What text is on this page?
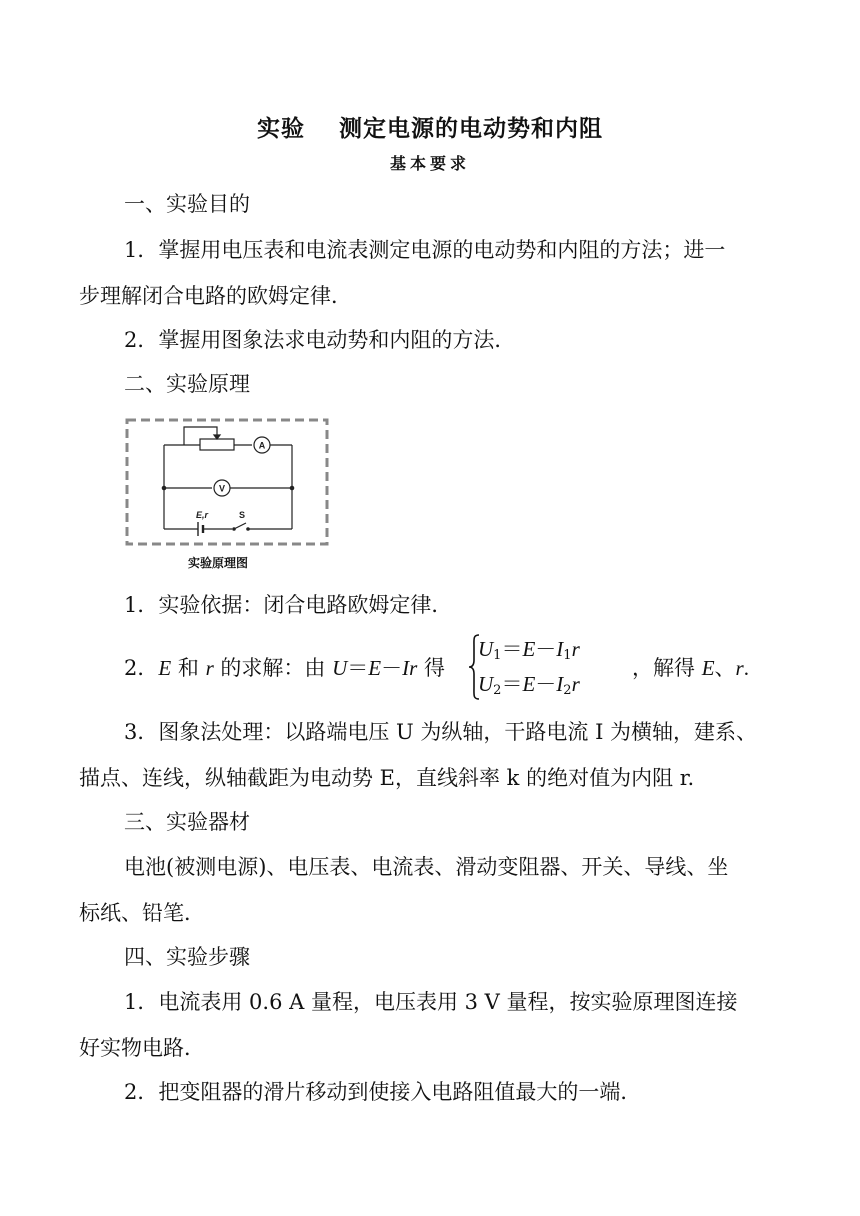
实验 测定电源的电动势和内阻
基本要求
一、实验目的
1．掌握用电压表和电流表测定电源的电动势和内阻的方法；进一
步理解闭合电路的欧姆定律．
2．掌握用图象法求电动势和内阻的方法．
二、实验原理
A
V
E,r	S
实验原理图
1．实验依据：闭合电路欧姆定律．
2．E 和 r 的求解：由 U＝E－Ir 得
$U_1=E-I_1r$
$U_2=E-I_2r$
，解得 E、r.
3．图象法处理：以路端电压 U 为纵轴，干路电流 I 为横轴，建系、
描点、连线，纵轴截距为电动势 E，直线斜率 k 的绝对值为内阻 r.
三、实验器材
电池(被测电源)、电压表、电流表、滑动变阻器、开关、导线、坐
标纸、铅笔．
四、实验步骤
1．电流表用 0.6 A 量程，电压表用 3 V 量程，按实验原理图连接
好实物电路．
2．把变阻器的滑片移动到使接入电路阻值最大的一端．
